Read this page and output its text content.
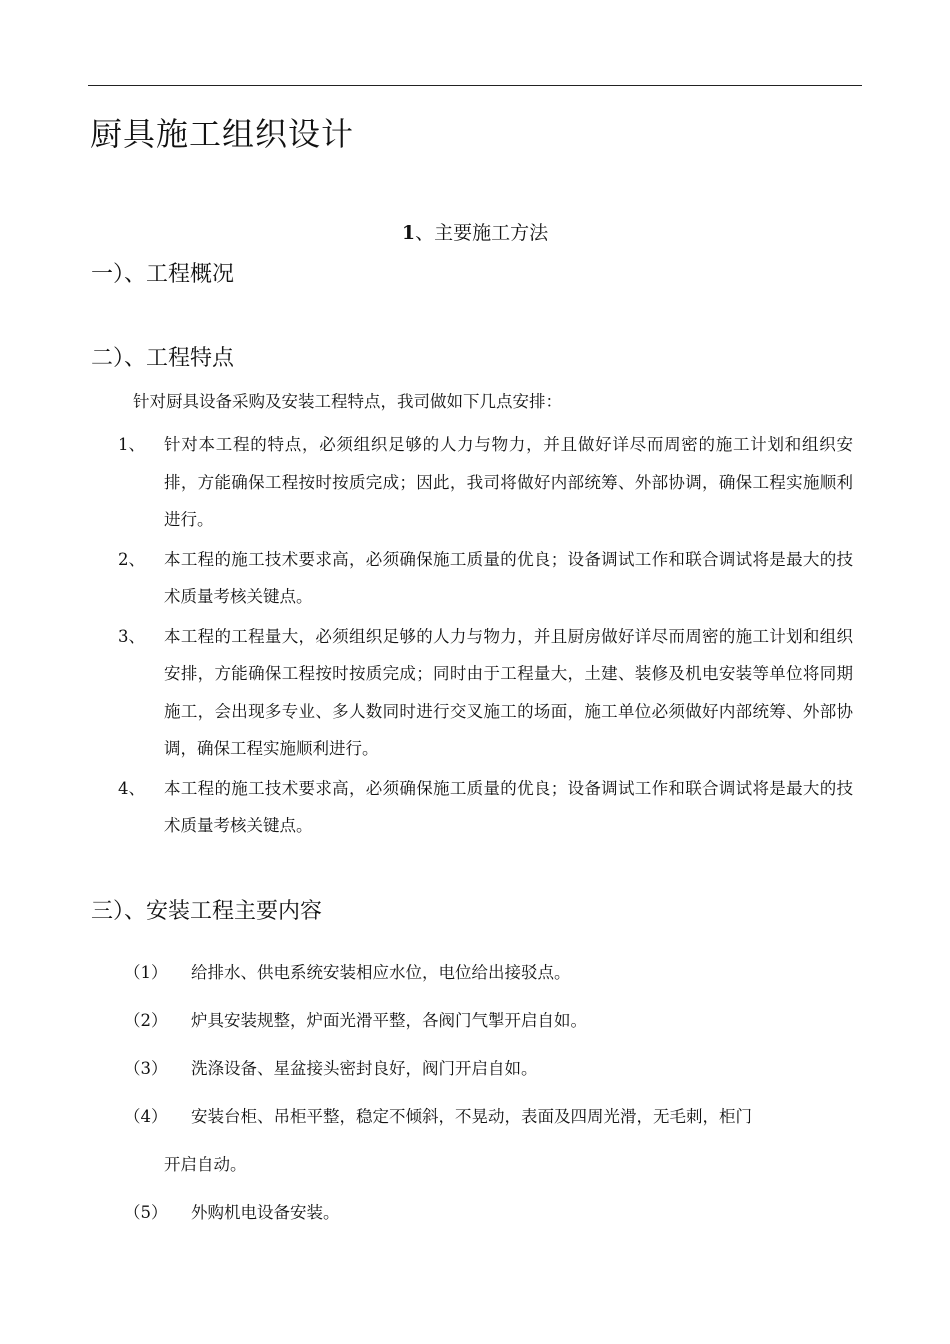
厨具施工组织设计
1、主要施工方法
一）、工程概况
二）、工程特点
针对厨具设备采购及安装工程特点，我司做如下几点安排：
1、	针对本工程的特点，必须组织足够的人力与物力，并且做好详尽而周密的施工计划和组织安排，方能确保工程按时按质完成；因此，我司将做好内部统筹、外部协调，确保工程实施顺利进行。
2、	本工程的施工技术要求高，必须确保施工质量的优良；设备调试工作和联合调试将是最大的技术质量考核关键点。
3、	本工程的工程量大，必须组织足够的人力与物力，并且厨房做好详尽而周密的施工计划和组织安排，方能确保工程按时按质完成；同时由于工程量大，土建、装修及机电安装等单位将同期施工，会出现多专业、多人数同时进行交叉施工的场面，施工单位必须做好内部统筹、外部协调，确保工程实施顺利进行。
4、	本工程的施工技术要求高，必须确保施工质量的优良；设备调试工作和联合调试将是最大的技术质量考核关键点。
三）、安装工程主要内容
（1）	给排水、供电系统安装相应水位，电位给出接驳点。
（2）	炉具安装规整，炉面光滑平整，各阀门气掣开启自如。
（3）	洗涤设备、星盆接头密封良好，阀门开启自如。
（4）	安装台柜、吊柜平整，稳定不倾斜，不晃动，表面及四周光滑，无毛刺，柜门
开启自动。
（5）	外购机电设备安装。
